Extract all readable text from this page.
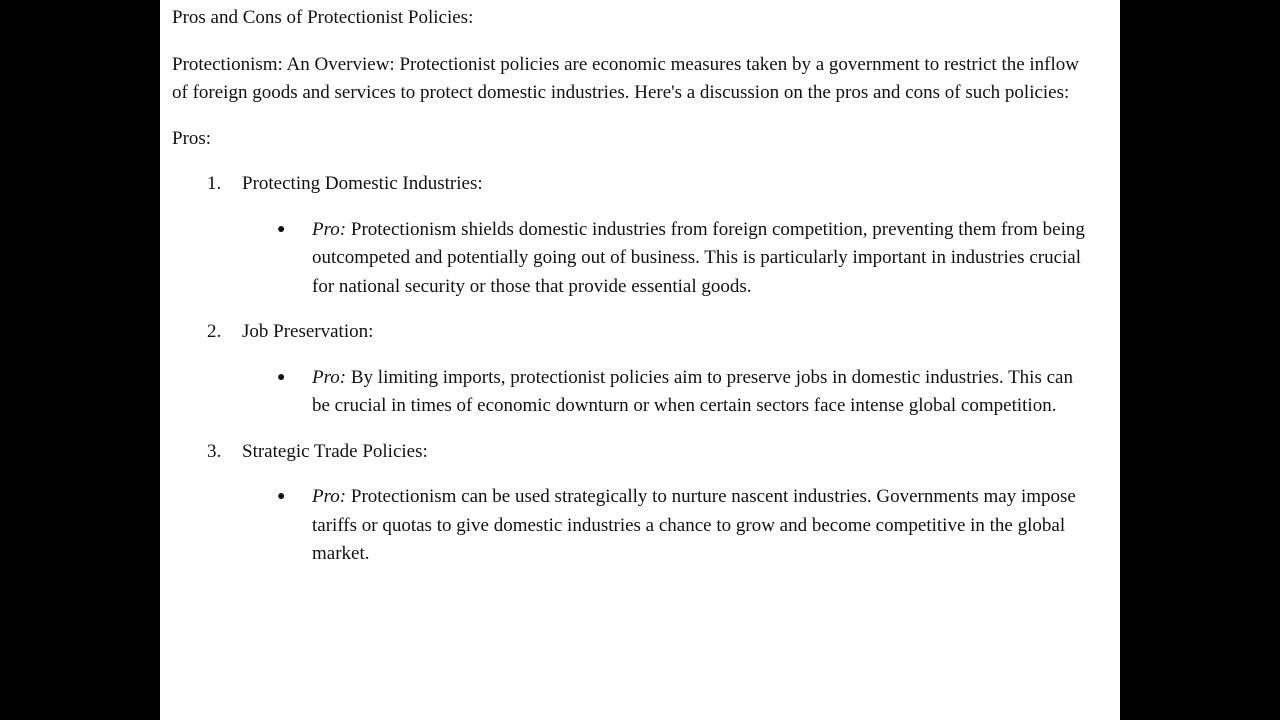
Pros and Cons of Protectionist Policies:

Protectionism: An Overview: Protectionist policies are economic measures taken by a government to restrict the inflow of foreign goods and services to protect domestic industries. Here's a discussion on the pros and cons of such policies:

Pros:

1. Protecting Domestic Industries:

● Pro: Protectionism shields domestic industries from foreign competition, preventing them from being outcompeted and potentially going out of business. This is particularly important in industries crucial for national security or those that provide essential goods.
2. Job Preservation:

● Pro: By limiting imports, protectionist policies aim to preserve jobs in domestic industries. This can be crucial in times of economic downturn or when certain sectors face intense global competition.
3. Strategic Trade Policies:

● Pro: Protectionism can be used strategically to nurture nascent industries. Governments may impose tariffs or quotas to give domestic industries a chance to grow and become competitive in the global market.
